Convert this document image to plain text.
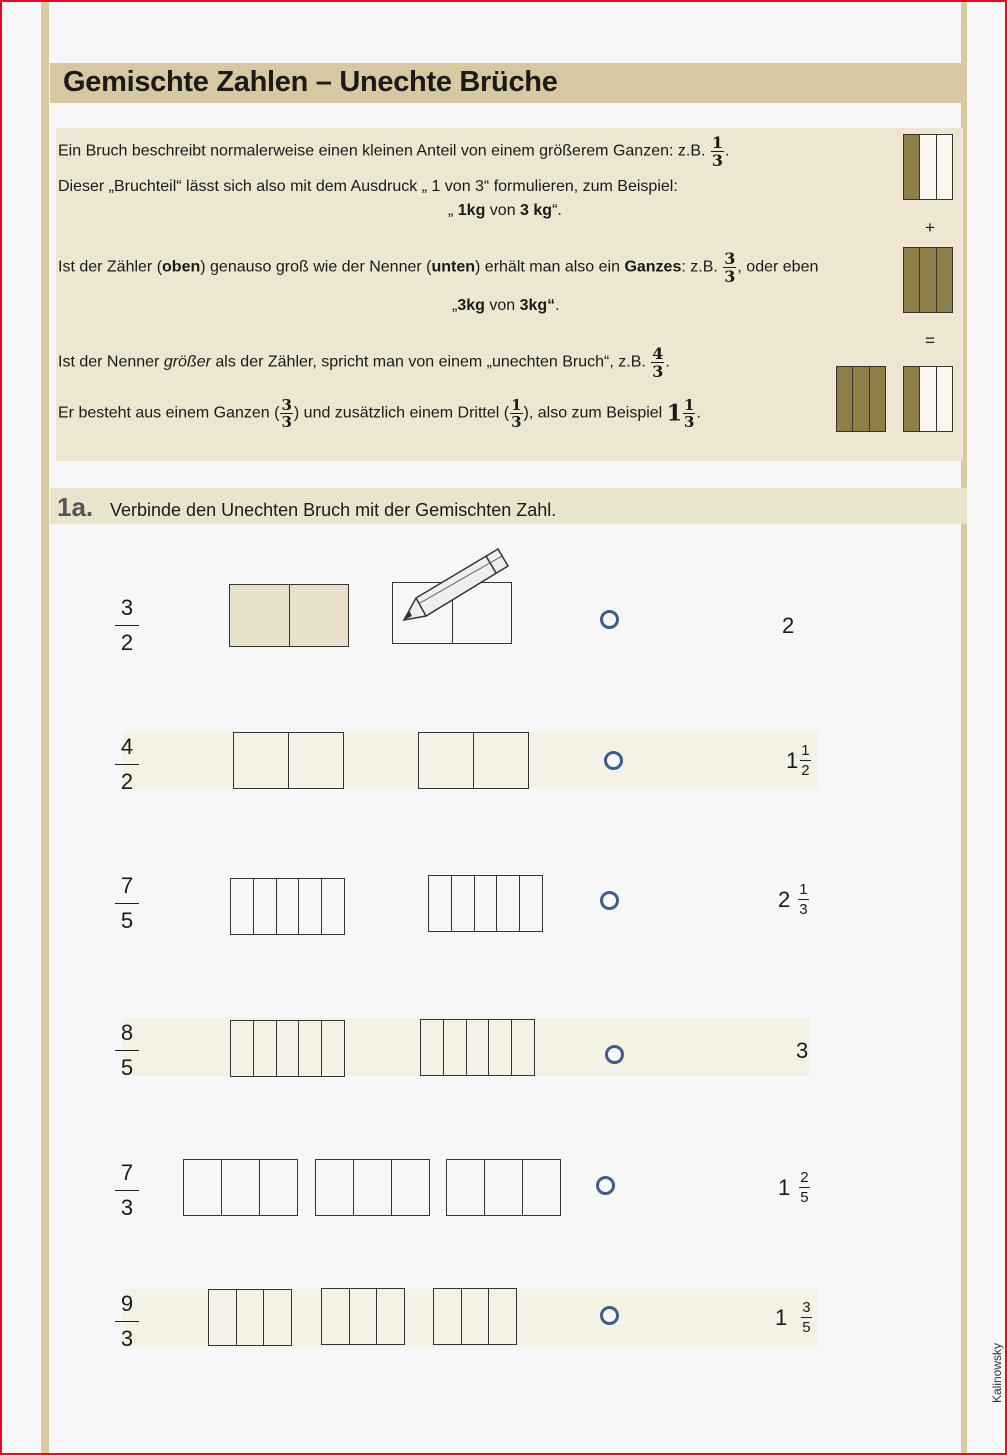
Gemischte Zahlen – Unechte Brüche
Ein Bruch beschreibt normalerweise einen kleinen Anteil von einem größerem Ganzen: z.B. $\frac{1}{3}$ .
Dieser „Bruchteil“ lässt sich also mit dem Ausdruck „ 1 von 3“ formulieren, zum Beispiel:
„ 1kg von 3 kg“.
Ist der Zähler (oben) genauso groß wie der Nenner (unten) erhält man also ein Ganzes: z.B. $\frac{3}{3}$ , oder eben
„3kg von 3kg“.
Ist der Nenner größer als der Zähler, spricht man von einem „unechten Bruch“, z.B. $\frac{4}{3}$ .
Er besteht aus einem Ganzen ( $\frac{3}{3}$ ) und zusätzlich einem Drittel ( $\frac{1}{3}$ ), also zum Beispiel $1 \frac{1}{3}$ .
+
=
1a. Verbinde den Unechten Bruch mit der Gemischten Zahl.
3
2
2
4
2
1 1
2
7
5
2 1
3
8
5
3
7
3
1 2
5
9
3
1 3
5
Kalinowsky
